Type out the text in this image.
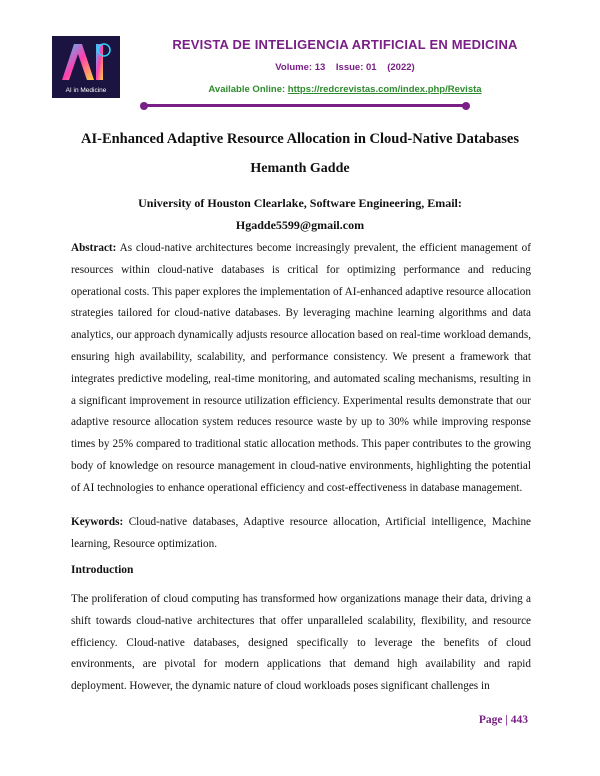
AI in Medicine
REVISTA DE INTELIGENCIA ARTIFICIAL EN MEDICINA
Volume: 13 Issue: 01 (2022)
Available Online: https://redcrevistas.com/index.php/Revista
AI-Enhanced Adaptive Resource Allocation in Cloud-Native Databases
Hemanth Gadde
University of Houston Clearlake, Software Engineering, Email:
Hgadde5599@gmail.com
Abstract: As cloud-native architectures become increasingly prevalent, the efficient management of resources within cloud-native databases is critical for optimizing performance and reducing operational costs. This paper explores the implementation of AI-enhanced adaptive resource allocation strategies tailored for cloud-native databases. By leveraging machine learning algorithms and data analytics, our approach dynamically adjusts resource allocation based on real-time workload demands, ensuring high availability, scalability, and performance consistency. We present a framework that integrates predictive modeling, real-time monitoring, and automated scaling mechanisms, resulting in a significant improvement in resource utilization efficiency. Experimental results demonstrate that our adaptive resource allocation system reduces resource waste by up to 30% while improving response times by 25% compared to traditional static allocation methods. This paper contributes to the growing body of knowledge on resource management in cloud-native environments, highlighting the potential of AI technologies to enhance operational efficiency and cost-effectiveness in database management.
Keywords: Cloud-native databases, Adaptive resource allocation, Artificial intelligence, Machine learning, Resource optimization.
Introduction
The proliferation of cloud computing has transformed how organizations manage their data, driving a shift towards cloud-native architectures that offer unparalleled scalability, flexibility, and resource efficiency. Cloud-native databases, designed specifically to leverage the benefits of cloud environments, are pivotal for modern applications that demand high availability and rapid deployment. However, the dynamic nature of cloud workloads poses significant challenges in
Page | 443
